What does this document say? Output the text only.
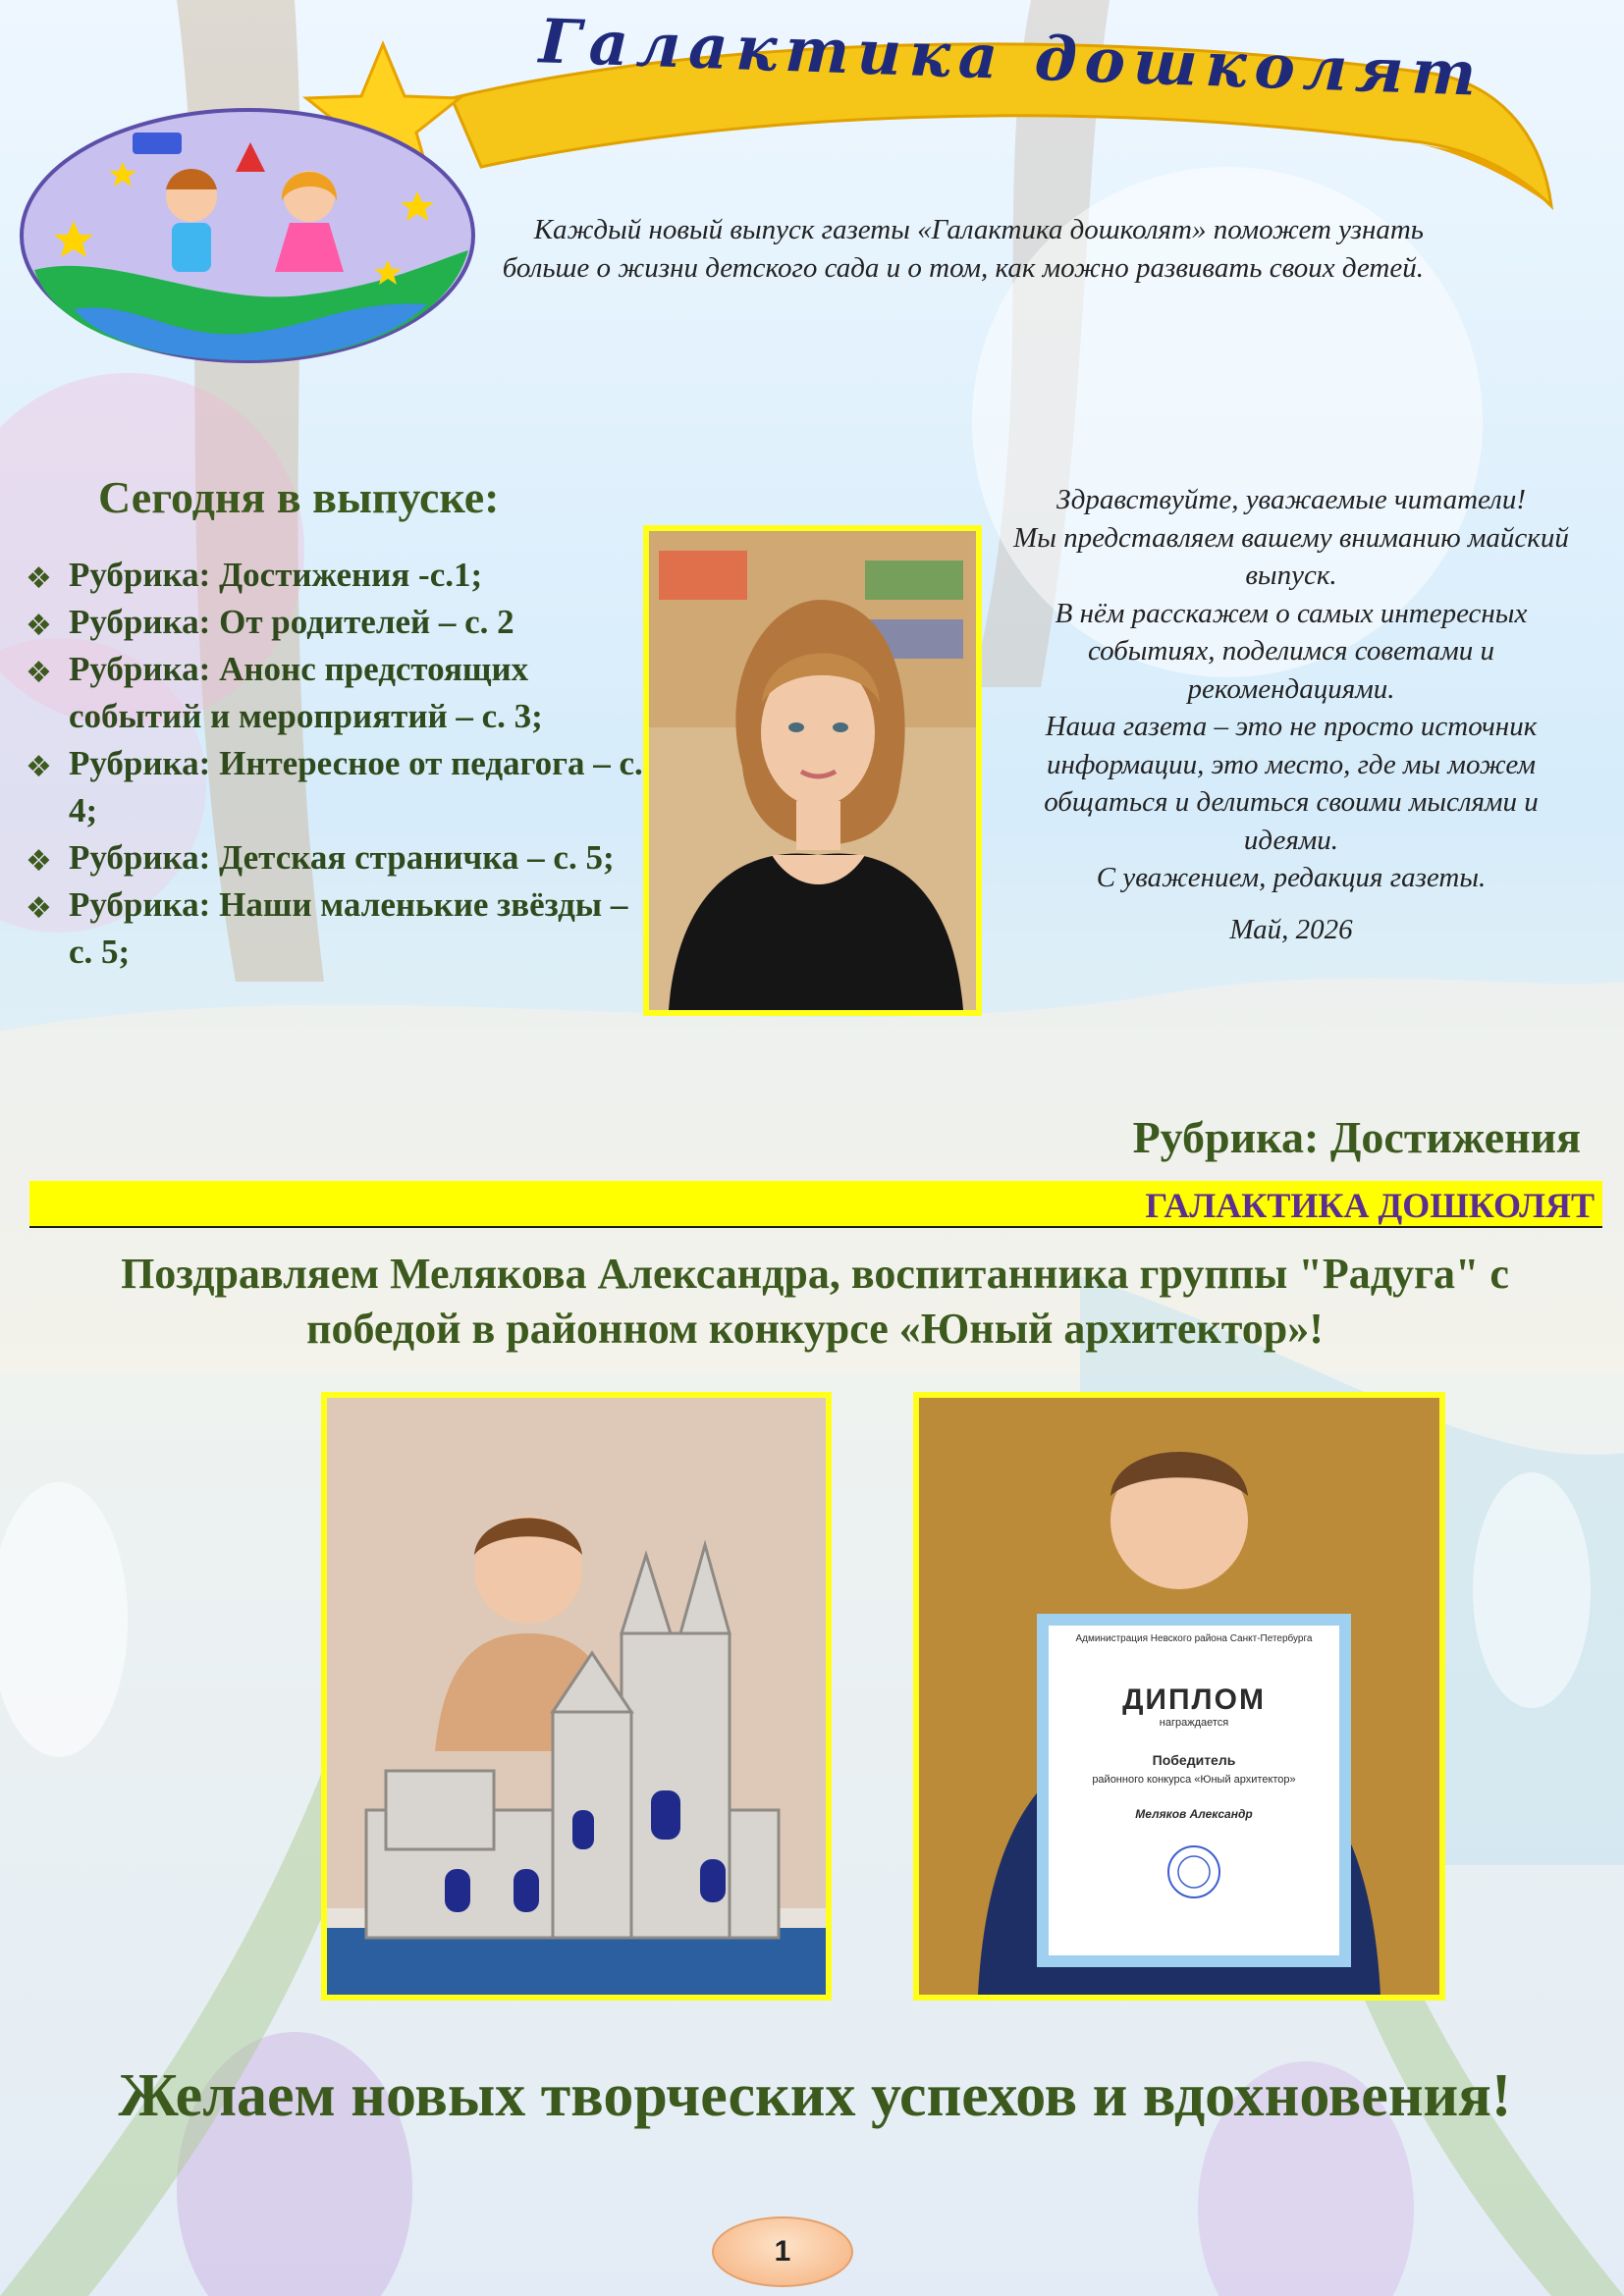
Галактика дошколят
Каждый новый выпуск газеты «Галактика дошколят» поможет узнать больше о жизни детского сада и о том, как можно развивать своих детей.
Сегодня в выпуске:
❖ Рубрика: Достижения -с.1;
❖ Рубрика: От родителей – с. 2
❖ Рубрика: Анонс предстоящих событий и мероприятий – с. 3;
❖ Рубрика: Интересное от педагога – с. 4;
❖ Рубрика: Детская страничка – с. 5;
❖ Рубрика: Наши маленькие звёзды – с. 5;
Здравствуйте, уважаемые читатели!
Мы представляем вашему вниманию майский выпуск.
В нём расскажем о самых интересных событиях, поделимся советами и рекомендациями.
Наша газета – это не просто источник информации, это место, где мы можем общаться и делиться своими мыслями и идеями.
С уважением, редакция газеты.
Май, 2026
Рубрика: Достижения
ГАЛАКТИКА ДОШКОЛЯТ
Поздравляем Мелякова Александра, воспитанника группы "Радуга" с победой в районном конкурсе «Юный архитектор»!
Администрация Невского района Санкт-Петербурга
ДИПЛОМ
награждается
Победитель
районного конкурса «Юный архитектор»
Меляков Александр
Желаем новых творческих успехов и вдохновения!
1
